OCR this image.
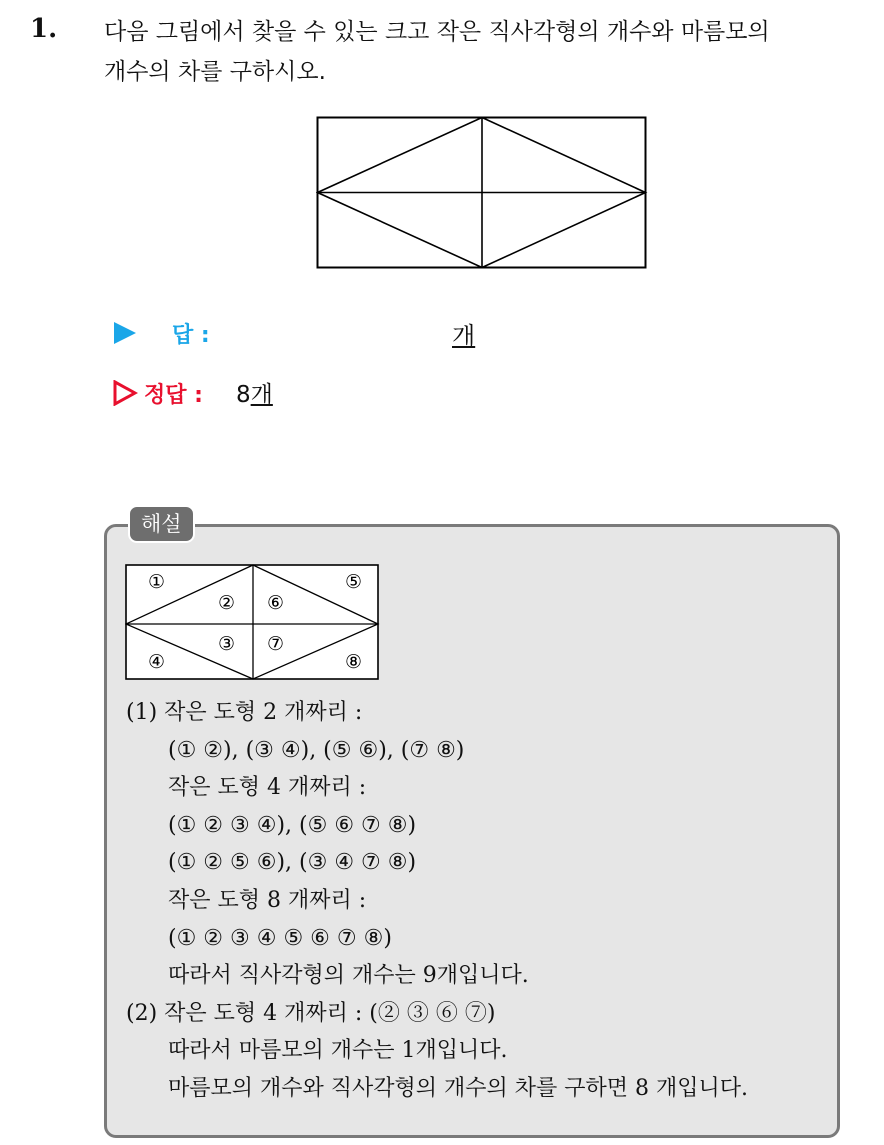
1. 다음 그림에서 찾을 수 있는 크고 작은 직사각형의 개수와 마름모의
개수의 차를 구하시오.
답 :	개
정답 : 8개
해설
①
②
③
④
⑤
⑥
⑦
⑧
(1) 작은 도형 2 개짜리 :
(① ②), (③ ④), (⑤ ⑥), (⑦ ⑧)
작은 도형 4 개짜리 :
(① ② ③ ④), (⑤ ⑥ ⑦ ⑧)
(① ② ⑤ ⑥), (③ ④ ⑦ ⑧)
작은 도형 8 개짜리 :
(① ② ③ ④ ⑤ ⑥ ⑦ ⑧)
따라서 직사각형의 개수는 9개입니다.
(2) 작은 도형 4 개짜리 : (② ③ ⑥ ⑦)
따라서 마름모의 개수는 1개입니다.
마름모의 개수와 직사각형의 개수의 차를 구하면 8 개입니다.
